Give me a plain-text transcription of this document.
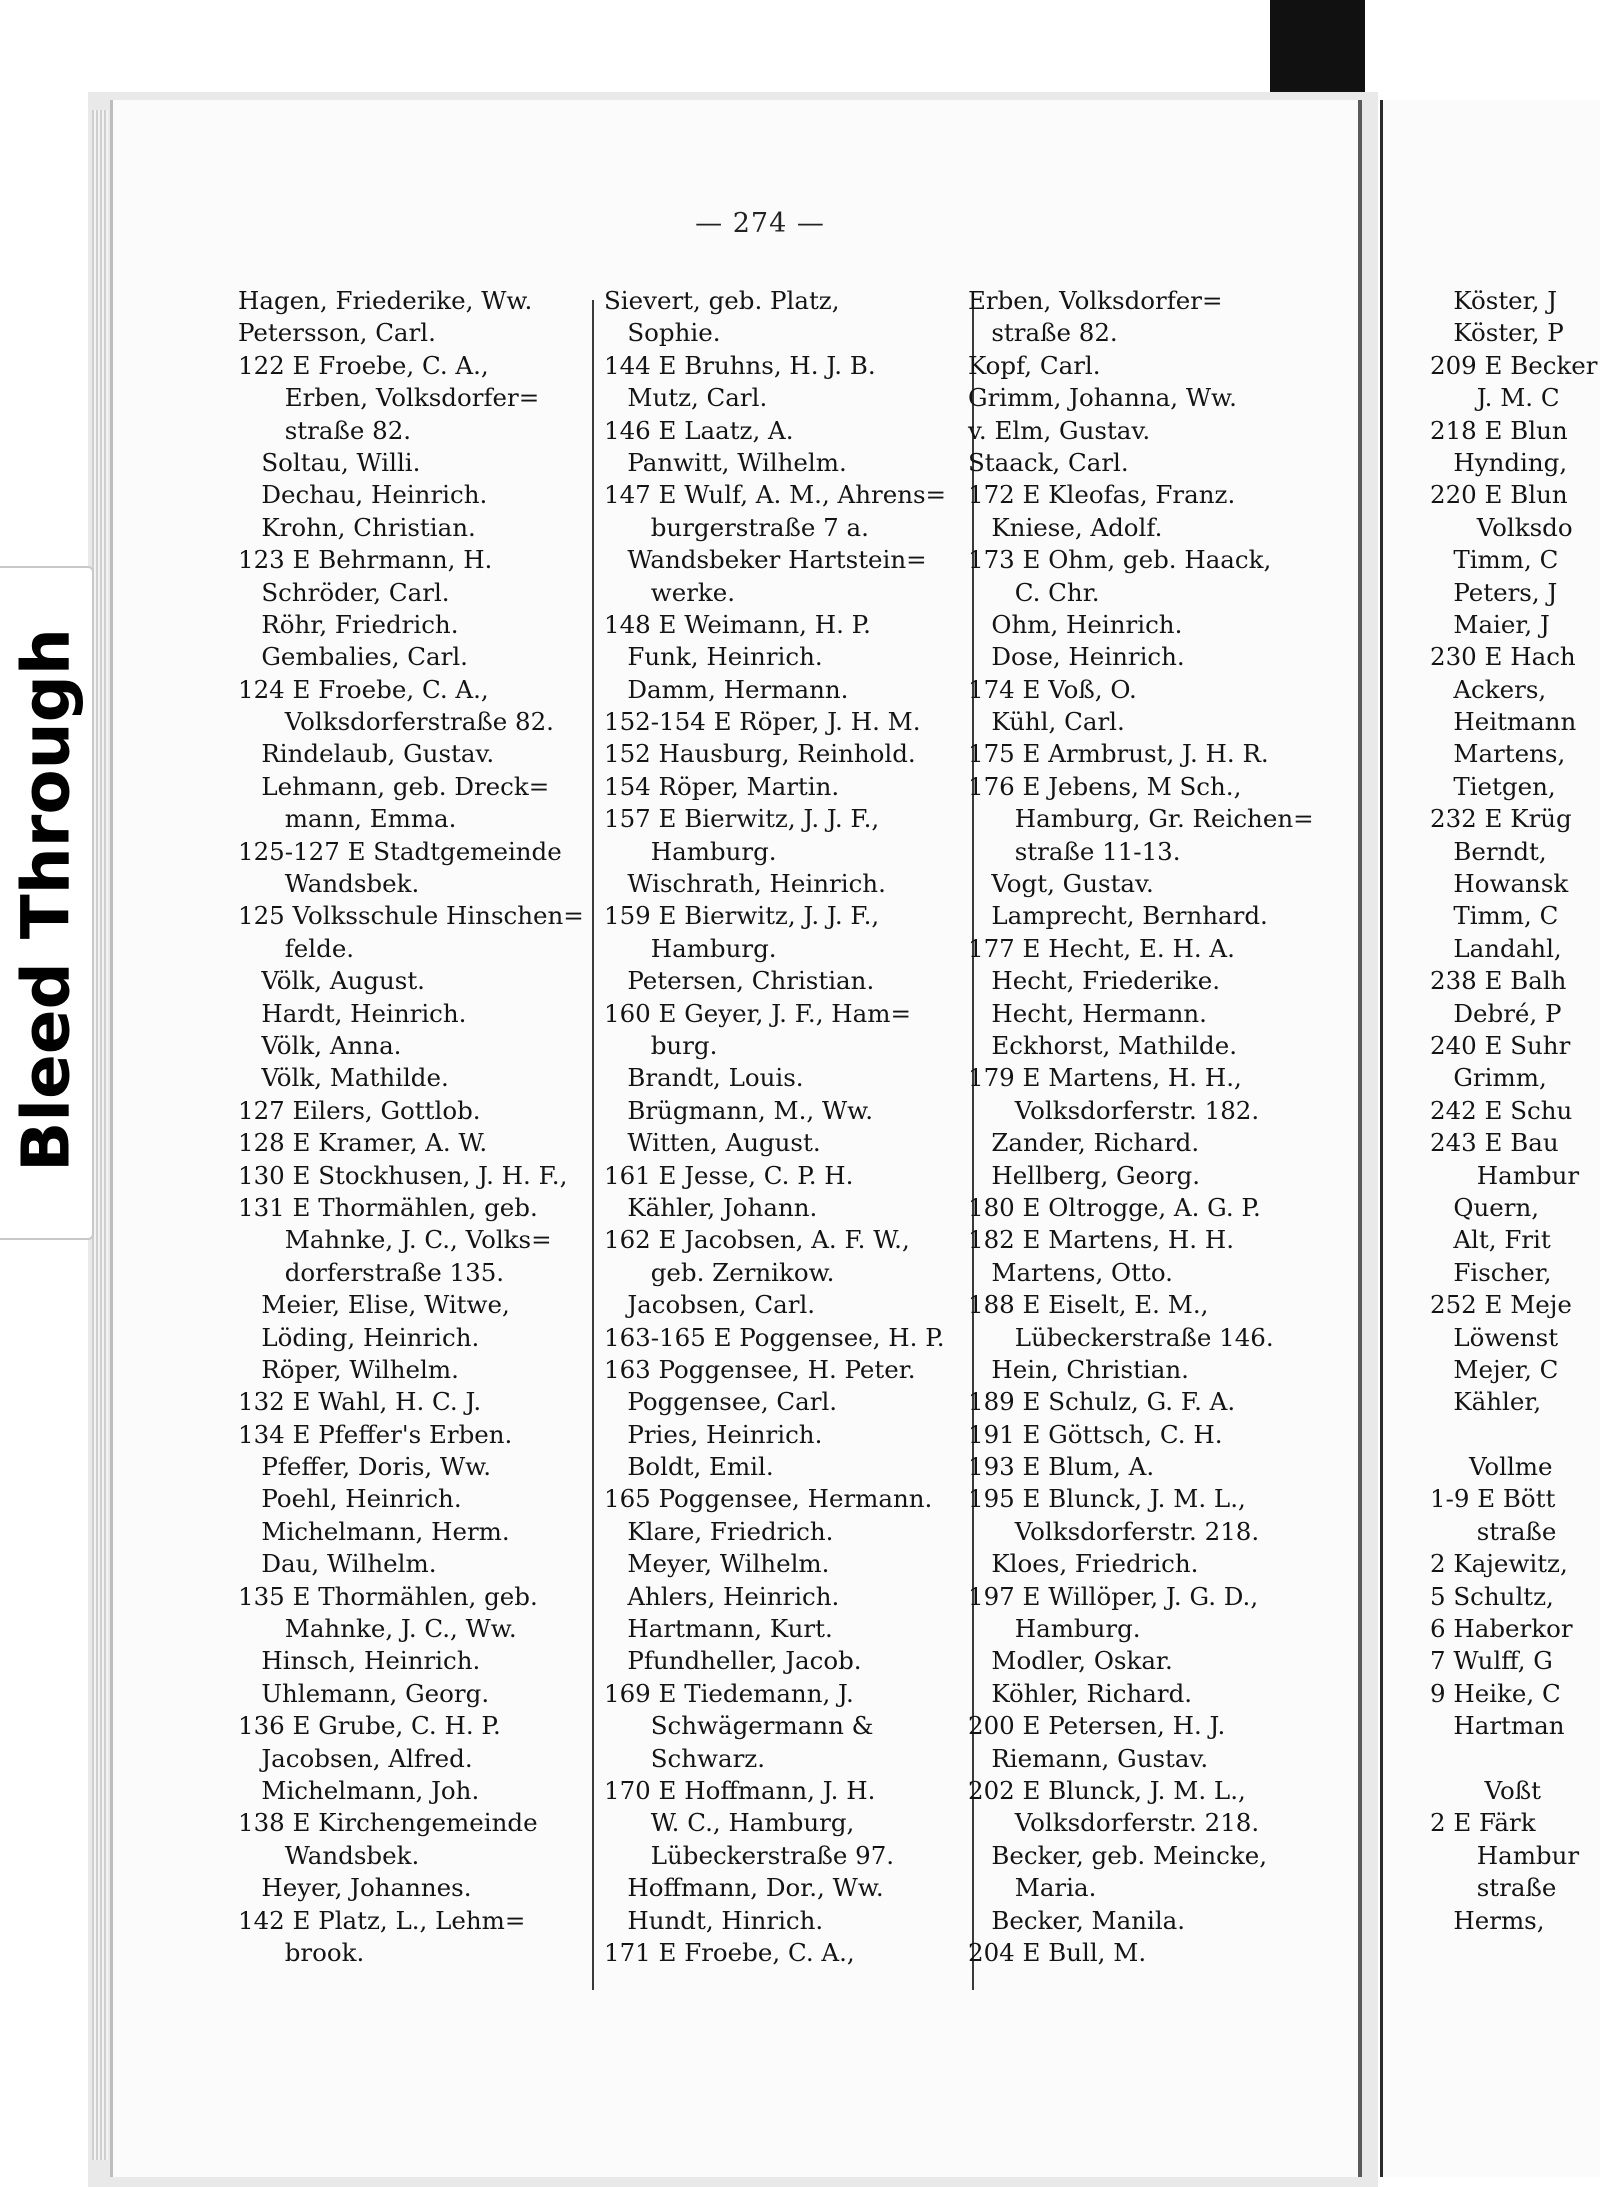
— 274 —
Hagen, Friederike, Ww.
Petersson, Carl.
122 E Froebe, C. A.,
Erben, Volksdorfer=
straße 82.
Soltau, Willi.
Dechau, Heinrich.
Krohn, Christian.
123 E Behrmann, H.
Schröder, Carl.
Röhr, Friedrich.
Gembalies, Carl.
124 E Froebe, C. A.,
Volksdorferstraße 82.
Rindelaub, Gustav.
Lehmann, geb. Dreck=
mann, Emma.
125-127 E Stadtgemeinde
Wandsbek.
125 Volksschule Hinschen=
felde.
Völk, August.
Hardt, Heinrich.
Völk, Anna.
Völk, Mathilde.
127 Eilers, Gottlob.
128 E Kramer, A. W.
130 E Stockhusen, J. H. F.,
131 E Thormählen, geb.
Mahnke, J. C., Volks=
dorferstraße 135.
Meier, Elise, Witwe,
Löding, Heinrich.
Röper, Wilhelm.
132 E Wahl, H. C. J.
134 E Pfeffer's Erben.
Pfeffer, Doris, Ww.
Poehl, Heinrich.
Michelmann, Herm.
Dau, Wilhelm.
135 E Thormählen, geb.
Mahnke, J. C., Ww.
Hinsch, Heinrich.
Uhlemann, Georg.
136 E Grube, C. H. P.
Jacobsen, Alfred.
Michelmann, Joh.
138 E Kirchengemeinde
Wandsbek.
Heyer, Johannes.
142 E Platz, L., Lehm=
brook.
Sievert, geb. Platz,
Sophie.
144 E Bruhns, H. J. B.
Mutz, Carl.
146 E Laatz, A.
Panwitt, Wilhelm.
147 E Wulf, A. M., Ahrens=
burgerstraße 7 a.
Wandsbeker Hartstein=
werke.
148 E Weimann, H. P.
Funk, Heinrich.
Damm, Hermann.
152-154 E Röper, J. H. M.
152 Hausburg, Reinhold.
154 Röper, Martin.
157 E Bierwitz, J. J. F.,
Hamburg.
Wischrath, Heinrich.
159 E Bierwitz, J. J. F.,
Hamburg.
Petersen, Christian.
160 E Geyer, J. F., Ham=
burg.
Brandt, Louis.
Brügmann, M., Ww.
Witten, August.
161 E Jesse, C. P. H.
Kähler, Johann.
162 E Jacobsen, A. F. W.,
geb. Zernikow.
Jacobsen, Carl.
163-165 E Poggensee, H. P.
163 Poggensee, H. Peter.
Poggensee, Carl.
Pries, Heinrich.
Boldt, Emil.
165 Poggensee, Hermann.
Klare, Friedrich.
Meyer, Wilhelm.
Ahlers, Heinrich.
Hartmann, Kurt.
Pfundheller, Jacob.
169 E Tiedemann, J.
Schwägermann &
Schwarz.
170 E Hoffmann, J. H.
W. C., Hamburg,
Lübeckerstraße 97.
Hoffmann, Dor., Ww.
Hundt, Hinrich.
171 E Froebe, C. A.,
Erben, Volksdorfer=
straße 82.
Kopf, Carl.
Grimm, Johanna, Ww.
v. Elm, Gustav.
Staack, Carl.
172 E Kleofas, Franz.
Kniese, Adolf.
173 E Ohm, geb. Haack,
C. Chr.
Ohm, Heinrich.
Dose, Heinrich.
174 E Voß, O.
Kühl, Carl.
175 E Armbrust, J. H. R.
176 E Jebens, M Sch.,
Hamburg, Gr. Reichen=
straße 11-13.
Vogt, Gustav.
Lamprecht, Bernhard.
177 E Hecht, E. H. A.
Hecht, Friederike.
Hecht, Hermann.
Eckhorst, Mathilde.
179 E Martens, H. H.,
Volksdorferstr. 182.
Zander, Richard.
Hellberg, Georg.
180 E Oltrogge, A. G. P.
182 E Martens, H. H.
Martens, Otto.
188 E Eiselt, E. M.,
Lübeckerstraße 146.
Hein, Christian.
189 E Schulz, G. F. A.
191 E Göttsch, C. H.
193 E Blum, A.
195 E Blunck, J. M. L.,
Volksdorferstr. 218.
Kloes, Friedrich.
197 E Willöper, J. G. D.,
Hamburg.
Modler, Oskar.
Köhler, Richard.
200 E Petersen, H. J.
Riemann, Gustav.
202 E Blunck, J. M. L.,
Volksdorferstr. 218.
Becker, geb. Meincke,
Maria.
Becker, Manila.
204 E Bull, M.
Köster, J
Köster, P
209 E Becker
J. M. C
218 E Blun
Hynding,
220 E Blun
Volksdo
Timm, C
Peters, J
Maier, J
230 E Hach
Ackers,
Heitmann
Martens,
Tietgen,
232 E Krüg
Berndt,
Howansk
Timm, C
Landahl,
238 E Balh
Debré, P
240 E Suhr
Grimm,
242 E Schu
243 E Bau
Hambur
Quern,
Alt, Frit
Fischer,
252 E Meje
Löwenst
Mejer, C
Kähler,
Vollme
1-9 E Bött
straße
2 Kajewitz,
5 Schultz,
6 Haberkor
7 Wulff, G
9 Heike, C
Hartman
Voßt
2 E Färk
Hambur
straße
Herms,
Bleed Through
